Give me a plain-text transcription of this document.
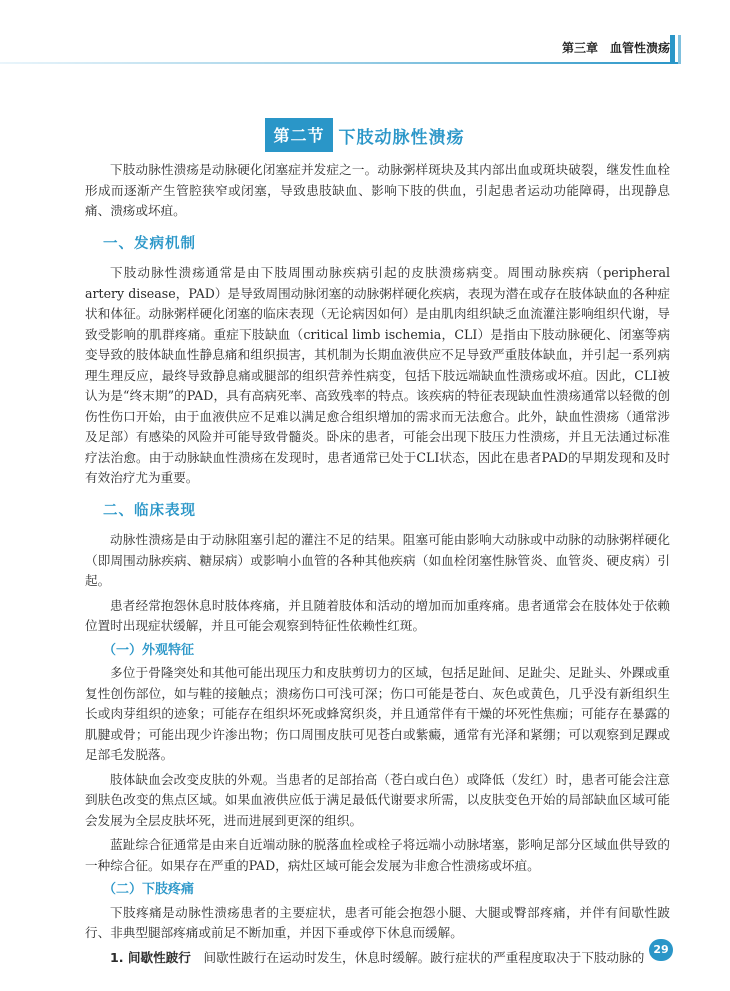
第三章　血管性溃疡
第二节 下肢动脉性溃疡

下肢动脉性溃疡是动脉硬化闭塞症并发症之一。动脉粥样斑块及其内部出血或斑块破裂，继发性血栓形成而逐渐产生管腔狭窄或闭塞，导致患肢缺血、影响下肢的供血，引起患者运动功能障碍，出现静息痛、溃疡或坏疽。

一、发病机制

下肢动脉性溃疡通常是由下肢周围动脉疾病引起的皮肤溃疡病变。周围动脉疾病（peripheral artery disease，PAD）是导致周围动脉闭塞的动脉粥样硬化疾病，表现为潜在或存在肢体缺血的各种症状和体征。动脉粥样硬化闭塞的临床表现（无论病因如何）是由肌肉组织缺乏血流灌注影响组织代谢，导致受影响的肌群疼痛。重症下肢缺血（critical limb ischemia，CLI）是指由下肢动脉硬化、闭塞等病变导致的肢体缺血性静息痛和组织损害，其机制为长期血液供应不足导致严重肢体缺血，并引起一系列病理生理反应，最终导致静息痛或腿部的组织营养性病变，包括下肢远端缺血性溃疡或坏疽。因此，CLI被认为是“终末期”的PAD，具有高病死率、高致残率的特点。该疾病的特征表现缺血性溃疡通常以轻微的创伤性伤口开始，由于血液供应不足难以满足愈合组织增加的需求而无法愈合。此外，缺血性溃疡（通常涉及足部）有感染的风险并可能导致骨髓炎。卧床的患者，可能会出现下肢压力性溃疡，并且无法通过标准疗法治愈。由于动脉缺血性溃疡在发现时，患者通常已处于CLI状态，因此在患者PAD的早期发现和及时有效治疗尤为重要。

二、临床表现

动脉性溃疡是由于动脉阻塞引起的灌注不足的结果。阻塞可能由影响大动脉或中动脉的动脉粥样硬化（即周围动脉疾病、糖尿病）或影响小血管的各种其他疾病（如血栓闭塞性脉管炎、血管炎、硬皮病）引起。

患者经常抱怨休息时肢体疼痛，并且随着肢体和活动的增加而加重疼痛。患者通常会在肢体处于依赖位置时出现症状缓解，并且可能会观察到特征性依赖性红斑。

（一）外观特征

多位于骨隆突处和其他可能出现压力和皮肤剪切力的区域，包括足趾间、足趾尖、足趾头、外踝或重复性创伤部位，如与鞋的接触点；溃疡伤口可浅可深；伤口可能是苍白、灰色或黄色，几乎没有新组织生长或肉芽组织的迹象；可能存在组织坏死或蜂窝织炎，并且通常伴有干燥的坏死性焦痂；可能存在暴露的肌腱或骨；可能出现少许渗出物；伤口周围皮肤可见苍白或紫癜，通常有光泽和紧绷；可以观察到足踝或足部毛发脱落。

肢体缺血会改变皮肤的外观。当患者的足部抬高（苍白或白色）或降低（发红）时，患者可能会注意到肤色改变的焦点区域。如果血液供应低于满足最低代谢要求所需，以皮肤变色开始的局部缺血区域可能会发展为全层皮肤坏死，进而进展到更深的组织。

蓝趾综合征通常是由来自近端动脉的脱落血栓或栓子将远端小动脉堵塞，影响足部分区域血供导致的一种综合征。如果存在严重的PAD，病灶区域可能会发展为非愈合性溃疡或坏疽。

（二）下肢疼痛

下肢疼痛是动脉性溃疡患者的主要症状，患者可能会抱怨小腿、大腿或臀部疼痛，并伴有间歇性跛行、非典型腿部疼痛或前足不断加重，并因下垂或停下休息而缓解。

1. 间歇性跛行　间歇性跛行在运动时发生，休息时缓解。跛行症状的严重程度取决于下肢动脉的 29
